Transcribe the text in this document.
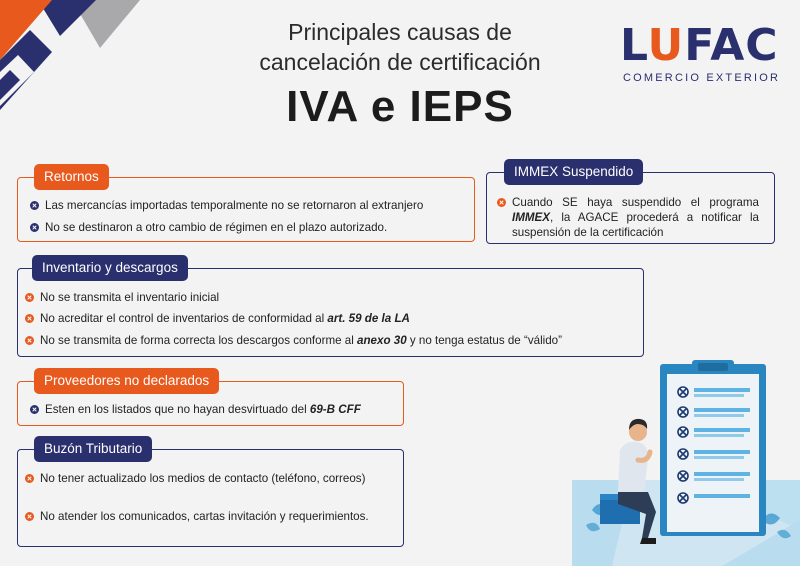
Principales causas de
cancelación de certificación
IVA e IEPS
LUFAC
COMERCIO EXTERIOR
Retornos
Las mercancías importadas temporalmente no se retornaron al extranjero
No se destinaron a otro cambio de régimen en el plazo autorizado.
IMMEX Suspendido
Cuando SE haya suspendido el programa IMMEX, la AGACE procederá a notificar la suspensión de la certificación
Inventario y descargos
No se transmita el inventario inicial
No acreditar el control de inventarios de conformidad al art. 59 de la LA
No se transmita de forma correcta los descargos conforme al anexo 30 y no tenga estatus de “válido”
Proveedores no declarados
Esten en los listados que no hayan desvirtuado del 69-B CFF
Buzón Tributario
No tener actualizado los medios de contacto (teléfono, correos)
No atender los comunicados, cartas invitación y requerimientos.
